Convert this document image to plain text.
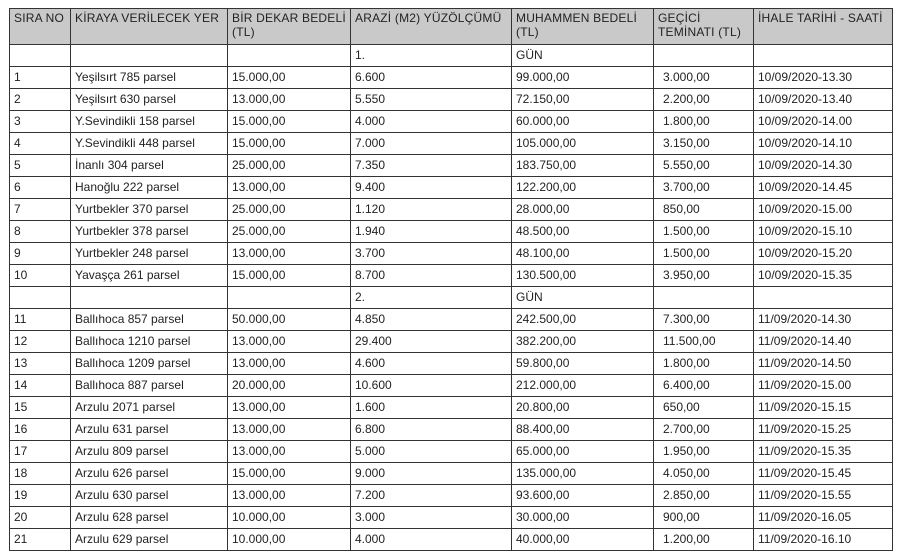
SIRA NO	KİRAYA VERİLECEK YER	BİR DEKAR BEDELİ (TL)	ARAZİ (M2) YÜZÖLÇÜMÜ	MUHAMMEN BEDELİ (TL)	GEÇİCİ TEMİNATI (TL)	İHALE TARİHİ - SAATİ
			1.	GÜN		
1	Yeşilsırt 785 parsel	15.000,00	6.600	99.000,00	3.000,00	10/09/2020-13.30
2	Yeşilsırt 630 parsel	13.000,00	5.550	72.150,00	2.200,00	10/09/2020-13.40
3	Y.Sevindikli 158 parsel	15.000,00	4.000	60.000,00	1.800,00	10/09/2020-14.00
4	Y.Sevindikli 448 parsel	15.000,00	7.000	105.000,00	3.150,00	10/09/2020-14.10
5	İnanlı 304 parsel	25.000,00	7.350	183.750,00	5.550,00	10/09/2020-14.30
6	Hanoğlu 222 parsel	13.000,00	9.400	122.200,00	3.700,00	10/09/2020-14.45
7	Yurtbekler 370 parsel	25.000,00	1.120	28.000,00	850,00	10/09/2020-15.00
8	Yurtbekler 378 parsel	25.000,00	1.940	48.500,00	1.500,00	10/09/2020-15.10
9	Yurtbekler 248 parsel	13.000,00	3.700	48.100,00	1.500,00	10/09/2020-15.20
10	Yavaşça 261 parsel	15.000,00	8.700	130.500,00	3.950,00	10/09/2020-15.35
			2.	GÜN		
11	Ballıhoca 857 parsel	50.000,00	4.850	242.500,00	7.300,00	11/09/2020-14.30
12	Ballıhoca 1210 parsel	13.000,00	29.400	382.200,00	11.500,00	11/09/2020-14.40
13	Ballıhoca 1209 parsel	13.000,00	4.600	59.800,00	1.800,00	11/09/2020-14.50
14	Ballıhoca 887 parsel	20.000,00	10.600	212.000,00	6.400,00	11/09/2020-15.00
15	Arzulu 2071 parsel	13.000,00	1.600	20.800,00	650,00	11/09/2020-15.15
16	Arzulu 631 parsel	13.000,00	6.800	88.400,00	2.700,00	11/09/2020-15.25
17	Arzulu 809 parsel	13.000,00	5.000	65.000,00	1.950,00	11/09/2020-15.35
18	Arzulu 626 parsel	15.000,00	9.000	135.000,00	4.050,00	11/09/2020-15.45
19	Arzulu 630 parsel	13.000,00	7.200	93.600,00	2.850,00	11/09/2020-15.55
20	Arzulu 628 parsel	10.000,00	3.000	30.000,00	900,00	11/09/2020-16.05
21	Arzulu 629 parsel	10.000,00	4.000	40.000,00	1.200,00	11/09/2020-16.10
